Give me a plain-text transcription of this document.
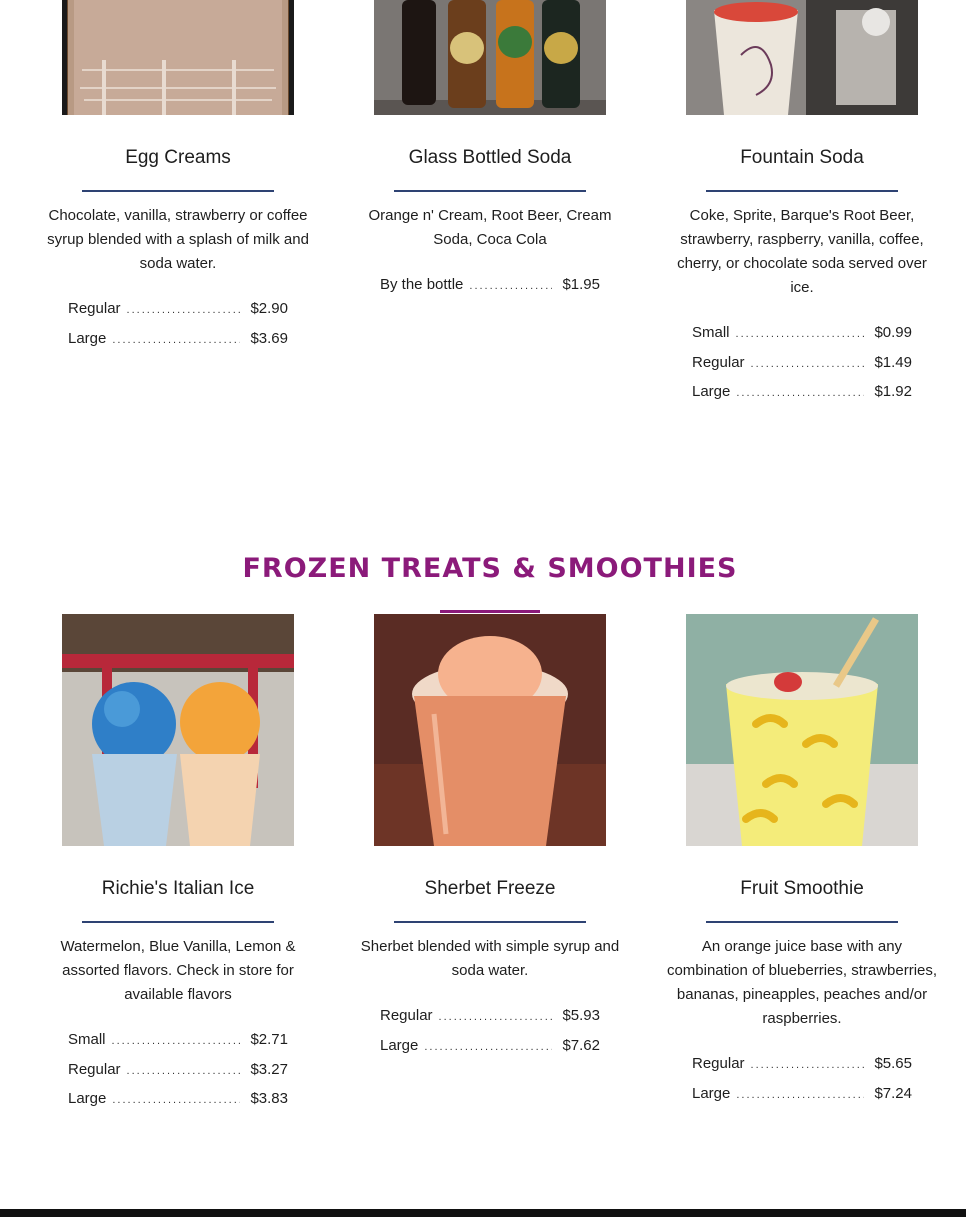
Egg Creams
Chocolate, vanilla, strawberry or coffee syrup blended with a splash of milk and soda water.
Regular .....	$2.90
Large .....	$3.69
Glass Bottled Soda
Orange n' Cream, Root Beer, Cream Soda, Coca Cola
By the bottle .....	$1.95
Fountain Soda
Coke, Sprite, Barque's Root Beer, strawberry, raspberry, vanilla, coffee, cherry, or chocolate soda served over ice.
Small .....	$0.99
Regular .....	$1.49
Large .....	$1.92
FROZEN TREATS & SMOOTHIES
Richie's Italian Ice
Watermelon, Blue Vanilla, Lemon & assorted flavors. Check in store for available flavors
Small .....	$2.71
Regular .....	$3.27
Large .....	$3.83
Sherbet Freeze
Sherbet blended with simple syrup and soda water.
Regular .....	$5.93
Large .....	$7.62
Fruit Smoothie
An orange juice base with any combination of blueberries, strawberries, bananas, pineapples, peaches and/or raspberries.
Regular .....	$5.65
Large .....	$7.24
